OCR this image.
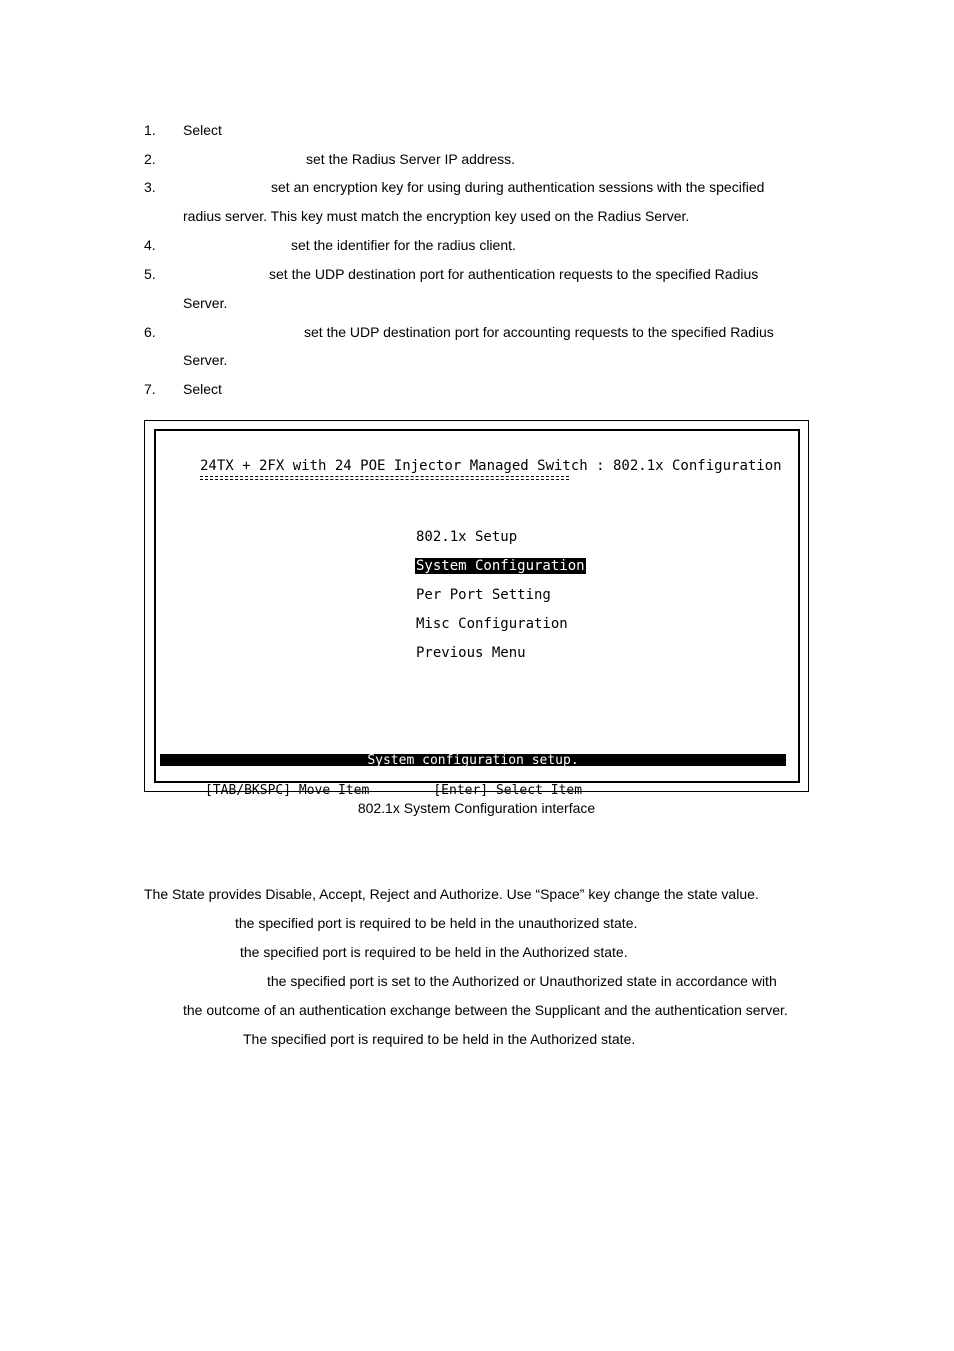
1. Select
2.	set the Radius Server IP address.
3.	set an encryption key for using during authentication sessions with the specified
radius server. This key must match the encryption key used on the Radius Server.
4.	set the identifier for the radius client.
5.	set the UDP destination port for authentication requests to the specified Radius
Server.
6.	set the UDP destination port for accounting requests to the specified Radius
Server.
7. Select
24TX + 2FX with 24 POE Injector Managed Switch : 802.1x Configuration
802.1x Setup
System Configuration
Per Port Setting
Misc Configuration
Previous Menu
System configuration setup.

[TAB/BKSPC] Move Item	[Enter] Select Item

802.1x System Configuration interface
The State provides Disable, Accept, Reject and Authorize. Use “Space” key change the state value.
the specified port is required to be held in the unauthorized state.
the specified port is required to be held in the Authorized state.
the specified port is set to the Authorized or Unauthorized state in accordance with
the outcome of an authentication exchange between the Supplicant and the authentication server.
The specified port is required to be held in the Authorized state.
